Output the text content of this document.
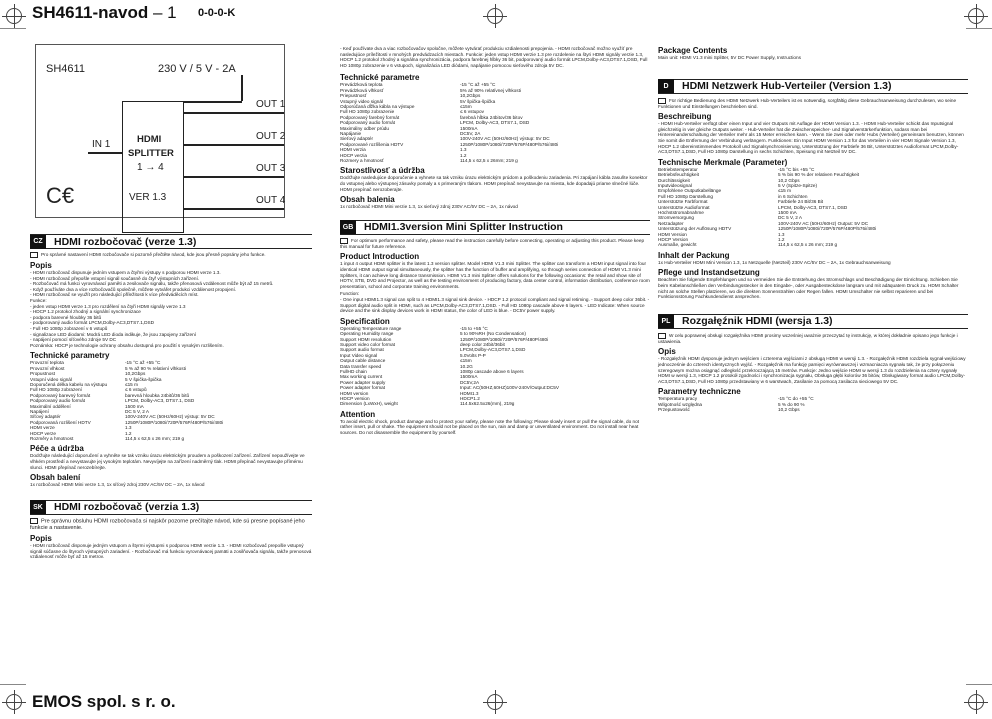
SH4611-navod – 1 0-0-0-K
EMOS spol. s r. o.
SH4611	230 V / 5 V - 2A
HDMI
SPLITTER
1 → 4
VER 1.3
IN 1
OUT 1
OUT 2
OUT 3
OUT 4
C€
CZ	HDMI rozbočovač (verze 1.3)
Pro správné nastavení HDMI rozbočovače si pozorně přečtěte návod, kde jsou přesně popsány jeho funkce.
Popis
- HDMI rozbočovač dispunuje jedním vstupem a čtyřmi výstupy s podporou HDMI verze 1.3.
- HDMI rozbočovač přepošle vstupní signál současně do čtyř výstupních zařízení.
- Rozbočovač má funkci vyrovnávací paměti a zesilovače signálu, takže přenosová vzdálenost může být až 15 metrů.
- Když používáte dva a více rozbočovačů společně, můžete vytvářet produkci vzdálenost propojení.
- HDMI rozbočovač se využít pro následující příležitosti k více předváděcích míst.
Funkce:
- jeden vstup HDMI verze 1.3 pro rozdělení na čtyři HDMI signály verze 1.3
- HDCP 1.2 protokol zhodný a signální synchronizace
- podpora barevné hloubky 36 bitů
- podporovaný audio formát LPCM,Dolby-AC3,DTS7.1,DSD
- Full HD 1080p zobrazení v 6 vstupů
- signalizace LED diodami: Modrá LED dioda indikuje, že jsou zapojeny zařízení
- napájení pomocí síťového zdroje 5V DC
Poznámka: HDCP je technologie ochrany obsahu dostupná pro použití s vysokým rozlišením.
Technické parametry
Provozní teplota	-15 °C až +55 °C
Provozní vlhkost	5 % až 90 % relativní vlhkosti
Propustnost	10,2Gbps
Vstupní video signál	5 V špička-špička
Doporučená délka kabelu na výstupu	≤15 m
Full HD 1080p zobrazení	≤ 6 vstupů
Podporovaný barevný formát	barevná hloubka 24bitů/36 bitů
Podporovaný audio formát	LPCM, Dolby-AC3, DTS7.1, DSD
Maximální oddělení	1500 mA
Napájení	DC 5 V, 2 A
Síťový adaptér	100V-240V AC (50Hz/60Hz) výstup: 5V DC
Podporovaná rozlišení HDTV	1250P/1080P/1080i/720P/576P/480P/576i/480i
HDMI verze	1.3
HDCP verze	1.2
Rozměry a hmotnost	114,5 x 62,5 x 26 mm; 219 g
Péče a údržba
Dodržujte následující doporučení a vyhněte se tak vzniku úrazu elektrickým proudem a poškození zařízení. Zařízení nepoužívejte ve vlhkém prostředí a nevystavujte jej vysokým teplotám. Nevyvíjejte na zařízení nadměrný tlak. HDMI přepínač nevystavujte přímému slunci. HDMI přepínač nerozebírejte.
Obsah balení
1x rozbočovač HDMI Mini verze 1.3, 1x síťový zdroj 230V AC/5V DC – 2A, 1x návod
SK HDMI rozbočovač (verzia 1.3)
Pre správnu obsluhu HDMI rozbočovača si najskôr pozorne prečítajte návod, kde sú presne popísané jeho funkcie a nastavenie.
Popis
- HDMI rozbočovač disponuje jedným vstupom a štyrmi výstupmi s podporou HDMI verzie 1.3. - HDMI rozbočovač prepošle vstupný signál súčasne do štyroch výstupných zariadení. - Rozbočovač má funkciu vyrovnávacej pamäti a zosilňovača signálu, takže prenosová vzdialenosť môže byť až 15 metrov.
- Keď používate dva a viac rozbočovačov spoločne, môžete vytvárať produkciu vzdialenosti prepojenia. - HDMI rozbočovač možno využiť pre nasledujúce príležitosti v mnohých predvádzacích miestach. Funkcie: jeden vstup HDMI verzie 1.3 pre rozdelenie na štyri HDMI signály verzie 1.3, HDCP 1.2 protokol zhodný a signálna synchronizácia, podpora farebnej hĺbky 36 bit, podporovaný audio formát LPCM,Dolby-AC3,DTS7.1,DSD, Full HD 1080p zobrazenie v 6 vstupoch, signalizácia LED diódami, napájanie pomocou sieťového zdroja 5V DC.
Technické parametre
Prevádzková teplota	-15 °C až +55 °C
Prevádzková vlhkosť	5% až 90% relatívnej vlhkosti
Priepustnosť	10,2Gbps
Vstupný video signál	5V špička-špička
Odporúčaná dĺžka kábla na výstupe	≤15m
Full HD 1080p zobrazenie	≤ 6 vstupov
Podporovaný farebný formát	farebná hĺbka 24bitov/36 bitov
Podporovaný audio formát	LPCM, Dolby-AC3, DTS7.1, DSD
Maximálny odber prúdu	1500mA
Napájanie	DC5V, 2A
Sieťový adaptér	100V-240V AC (50Hz/60Hz) výstup: 5V DC
Podporované rozlíšenia HDTV	1250P/1080P/1080i/720P/576P/480P/576i/480i
HDMI verzia	1.3
HDCP verzia	1.2
Rozmery a hmotnosť	114,5 x 62,5 x 26mm; 219 g
Starostlivosť a údržba
Dodržujte nasledujúce doporučenie a vyhnete sa tak vzniku úrazu elektrickým prúdom a poškodeniu zariadenia. Pri zapájaní kábla zasuňte konektor do vstupnej alebo výstupnej zásuvky pomaly a s primeraným tlakom. HDMI prepínač nevystavujte na miesta, kde dopadajú priame slnečné lúče. HDMI prepínač nerozoberajte.
Obsah balenia
1x rozbočovač HDMI Mini verzie 1.3, 1x sieťový zdroj 230V AC/5V DC – 2A, 1x návod
GB HDMI1.3version Mini Splitter Instruction
For optimum performance and safety, please read the instruction carefully before connecting, operating or adjusting this product. Please keep this manual for future reference.
Product Introduction
1 input 4 output HDMI splitter is the latest 1.3 version splitter. Model HDMI V1.3 mini Splitter. The splitter can transform a HDMI input signal into four identical HDMI output signal simultaneously, the splitter has the function of buffer and amplifying, so through series connection of HDMI V1.3 mini Splitters, it can achieve long distance transmission. HDMI V1.3 mini Splitter offers solutions for the following occasions: the retail and show site of HDTV, STB, DVD and Projector, as well as the testing environment of producing factory, data center control, information distribution, conference room presentation, school and corporate training environments.
Function:
- One input HDMI1.3 signal can split to 4 HDMI1.3 signal sink device. - HDCP 1.2 protocol compliant and signal retiming. - Support deep color 36bit. - Support digital audio split in HDMI, such as LPCM,Dolby-AC3,DTS7.1,DSD. - Full HD 1080p cascade above 6 layers. - LED Indicate: When source device and the sink display devices work in HDMI status, the color of LED is blue. - DC5V power supply.
Specification
Operating Temperature range	-15 to +55 °C
Operating Humidity range	5 to 90%RH (No Condensation)
Support HDMI resolution	1250P/1080P/1080i/720P/576P/480P/480i
Support video color format	deep color 24bit/36bit
Support audio format	LPCM,Dolby-AC3,DTS7.1,DSD
Input Video signal	5.0Volts P-P
Output cable distance	≤15m
Data transfer speed	10.2G
FullHD chain	1080p cascade above 6 layers
Max working current	1500mA
Power adapter supply	DC5V,2A
Power adapter format	Input: AC(50HZ,60HZ)100V-240V/Output:DC5V
HDMI version	HDMI1.3
HDCP version	HDCP1.2
Dimension (LxWxH), weight	114.5x62.5x26(mm), 219g
Attention
To avoid electric shock, product damage and to protect your safety, please note the following: Please slowly insert or pull the signal cable, do not rather insert, pull or shake. The equipment should not be placed on the sun, rain and damp or unventilated environment. Do not install near heat sources. Do not disassemble the equipment by yourself.
Package Contents
Main unit: HDMI V1.3 mini Splitter, 5V DC Power Supply, Instructions
D	HDMI Netzwerk Hub-Verteiler (Version 1.3)
Für richtige Bedienung des HDMI Netzwerk Hub-Verteilers ist es notwendig, sorgfältig diese Gebrauchsanweisung durchzulesen, wo seine Funktionen und Einstellungen beschrieben sind.
Beschreibung
- HDMI Hub-Verteiler verfügt über einen Input und vier Outputs mit Auflage der HDMI Version 1.3. - HDMI Hub-Verteiler schickt das Inputsignal gleichzeitig in vier gleiche Outputs weiter. - Hub-Verteiler hat die Zwischenspeicher- und Signalverstärkerfunktion, sodass man bei Hintereinanderschaltung der Verteiler mehr als 15 Meter erreichen kann. - Wenn Sie zwei oder mehr Hubs (Verteiler) gemeinsam benutzen, können Sie somit die Entfernung der Verbindung verlängern. Funktionen: Ein Input HDMI Version 1.3 für das Verteilen in vier HDMI Signale Version 1.3, HDCP 1.2 übereinstimmendes Protokoll und Signalsynchronisierung, Unterstützung der Farbtiefe 36 Bit, Unterstütztes Audioformat LPCM,Dolby-AC3,DTS7.1,DSD, Full HD 1080p Darstellung in sechs Schichten, Speisung mit Netzteil 5V DC.
Technische Merkmale (Parameter)
Betriebstemperatur	-15 °C bis +55 °C
Betriebsfeuchtigkeit	5 % bis 90 % der relativen Feuchtigkeit
Durchlässigkeit	10,2 Gbps
Inputvideosignal	5 V (Spitze-Spitze)
Empfohlene Outputkabellänge	≤15 m
Full HD 1080p Darstellung	in 6 Schichten
Unterstützte Farbformat	Farbtiefe 24 Bit/36 Bit
Unterstützte Audioformat	LPCM, Dolby-AC3, DTS7.1, DSD
Höchststromabnahme	1500 mA
Stromversorgung	DC 5 V, 2 A
Netzadapter	100V-240V AC (50Hz/60Hz) Output: 5V DC
Unterstützung der Auflösung HDTV	1250P/1080P/1080i/720P/576P/480P/576i/480i
HDMI Version	1.3
HDCP Version	1.2
Ausmaße, gewicht	114,5 x 62,5 x 26 mm; 219 g
Inhalt der Packung
1x Hub-Verteiler HDMI Mini Version 1.3, 1x Netzquelle (Netzteil) 230V AC/5V DC – 2A, 1x Gebrauchsanweisung
Pflege und Instandsetzung
Beachten Sie folgende Empfehlungen und so vermeiden Sie die Entstehung des Stromschlags und Beschädigung der Einrichtung. Schieben Sie beim Kabelanschließen den Verbindungsstecker in den Eingabe-, oder Ausgabesteckdose langsam und mit adäquatem Druck zu. HDMI Schalter nicht an solche Stellen platzieren, wo die direkten Sonnenstrahlen oder Regen fallen. HDMI Umschalter nie selbst reparieren und bei Funktionsstörung Fachkundendienst ansprechen.
PL	Rozgałęźnik HDMI (wersja 1.3)
W celu poprawnej obsługi rozgałęźnika HDMI prosimy wcześniej uważnie przeczytać tę instrukcję, w której dokładnie opisano jego funkcje i ustawienia.
Opis
- Rozgałęźnik HDMI dysponuje jednym wejściem i czterema wyjściami z obsługą HDMI w wersji 1.3. - Rozgałęźnik HDMI rozdziela sygnał wejściowy jednocześnie do czterech identycznych wyjść. - Rozgałęźnik ma funkcję pamięci wyrównawczej i wzmacniacza sygnału tak, że przy połączeniu szeregowym można osiągnąć odległość przekroczającą 15 metrów. Funkcje: Jedno wejście HDMI w wersji 1.3 do rozdzielenia na cztery sygnały HDMI w wersji 1.3, HDCP 1.2 protokół zgodności i synchronizacja sygnału, Obsługa głębi kolorów 36 bitów, Obsługiwany format audio LPCM,Dolby-AC3,DTS7.1,DSD, Full HD 1080p przedstawiany w 6 warstwach, Zasilanie za pomocą zasilacza sieciowego 5V DC.
Parametry techniczne
Temperatura pracy	-15 °C do +55 °C
Wilgotność względna	5 % do 90 %
Przepustowość	10,2 Gbps
